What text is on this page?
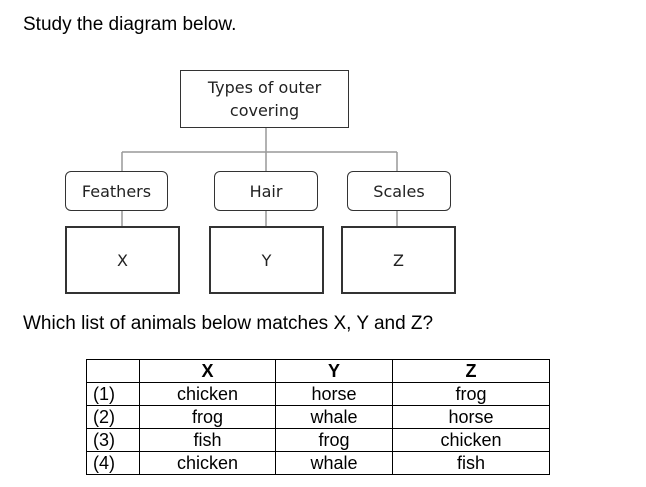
Study the diagram below.
Types of outer covering
Feathers	Hair	Scales
X	Y	Z
Which list of animals below matches X, Y and Z?
	X	Y	Z
(1)	chicken	horse	frog
(2)	frog	whale	horse
(3)	fish	frog	chicken
(4)	chicken	whale	fish
